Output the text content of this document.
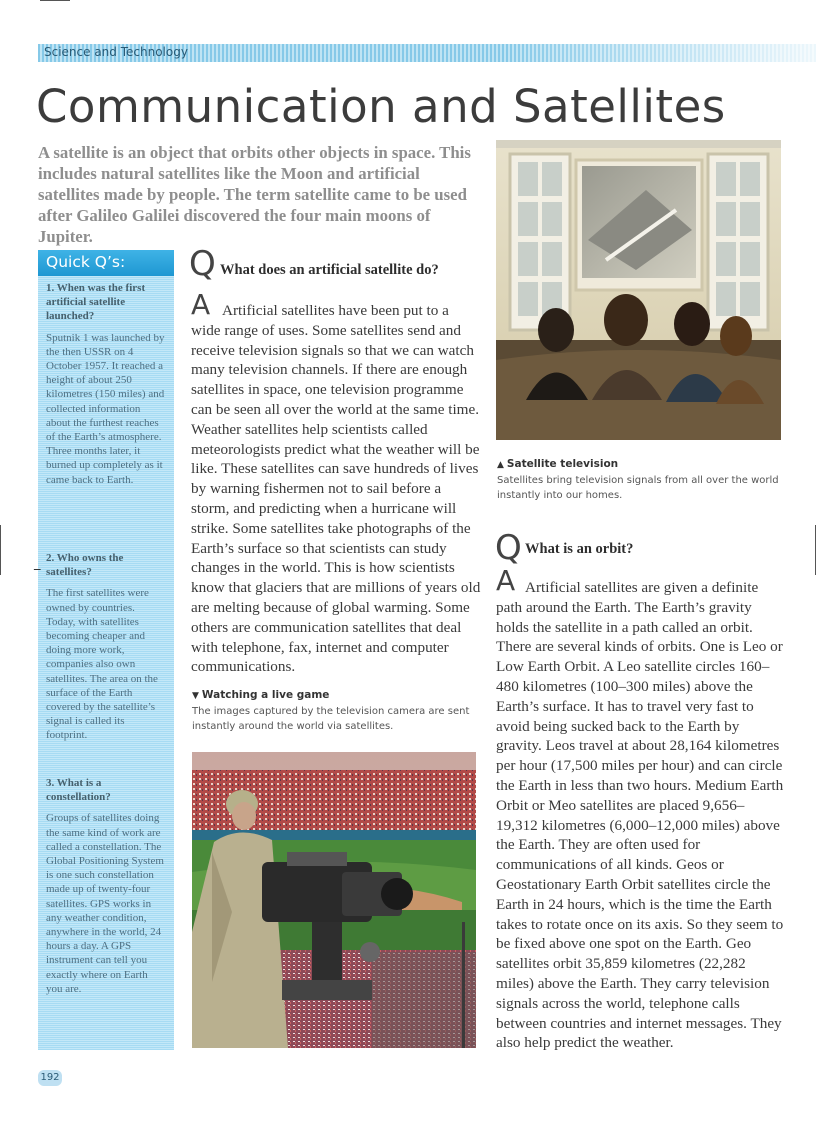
Science and Technology
Communication and Satellites

A satellite is an object that orbits other objects in space. This includes natural satellites like the Moon and artificial satellites made by people. The term satellite came to be used after Galileo Galilei discovered the four main moons of Jupiter.

Quick Q’s:
1. When was the first artificial satellite launched?
Sputnik 1 was launched by the then USSR on 4 October 1957. It reached a height of about 250 kilometres (150 miles) and collected information about the furthest reaches of the Earth’s atmosphere. Three months later, it burned up completely as it came back to Earth.
_ 2. Who owns the satellites?
The first satellites were owned by countries. Today, with satellites becoming cheaper and doing more work, companies also own satellites. The area on the surface of the Earth covered by the satellite’s signal is called its footprint.
3. What is a constellation?
Groups of satellites doing the same kind of work are called a constellation. The Global Positioning System is one such constellation made up of twenty-four satellites. GPS works in any weather condition, anywhere in the world, 24 hours a day. A GPS instrument can tell you exactly where on Earth you are.
Q What does an artificial satellite do?
A Artificial satellites have been put to a wide range of uses. Some satellites send and receive television signals so that we can watch many television channels. If there are enough satellites in space, one television programme can be seen all over the world at the same time. Weather satellites help scientists called meteorologists predict what the weather will be like. These satellites can save hundreds of lives by warning fishermen not to sail before a storm, and predicting when a hurricane will strike. Some satellites take photographs of the Earth’s surface so that scientists can study changes in the world. This is how scientists know that glaciers that are millions of years old are melting because of global warming. Some others are communication satellites that deal with telephone, fax, internet and computer communications.

▼ Watching a live game
The images captured by the television camera are sent instantly around the world via satellites.
▲ Satellite television
Satellites bring television signals from all over the world instantly into our homes.
Q What is an orbit?
A Artificial satellites are given a definite path around the Earth. The Earth’s gravity holds the satellite in a path called an orbit. There are several kinds of orbits. One is Leo or Low Earth Orbit. A Leo satellite circles 160–480 kilometres (100–300 miles) above the Earth’s surface. It has to travel very fast to avoid being sucked back to the Earth by gravity. Leos travel at about 28,164 kilometres per hour (17,500 miles per hour) and can circle the Earth in less than two hours. Medium Earth Orbit or Meo satellites are placed 9,656–19,312 kilometres (6,000–12,000 miles) above the Earth. They are often used for communications of all kinds. Geos or Geostationary Earth Orbit satellites circle the Earth in 24 hours, which is the time the Earth takes to rotate once on its axis. So they seem to be fixed above one spot on the Earth. Geo satellites orbit 35,859 kilometres (22,282 miles) above the Earth. They carry television signals across the world, telephone calls between countries and internet messages. They also help predict the weather.

192
